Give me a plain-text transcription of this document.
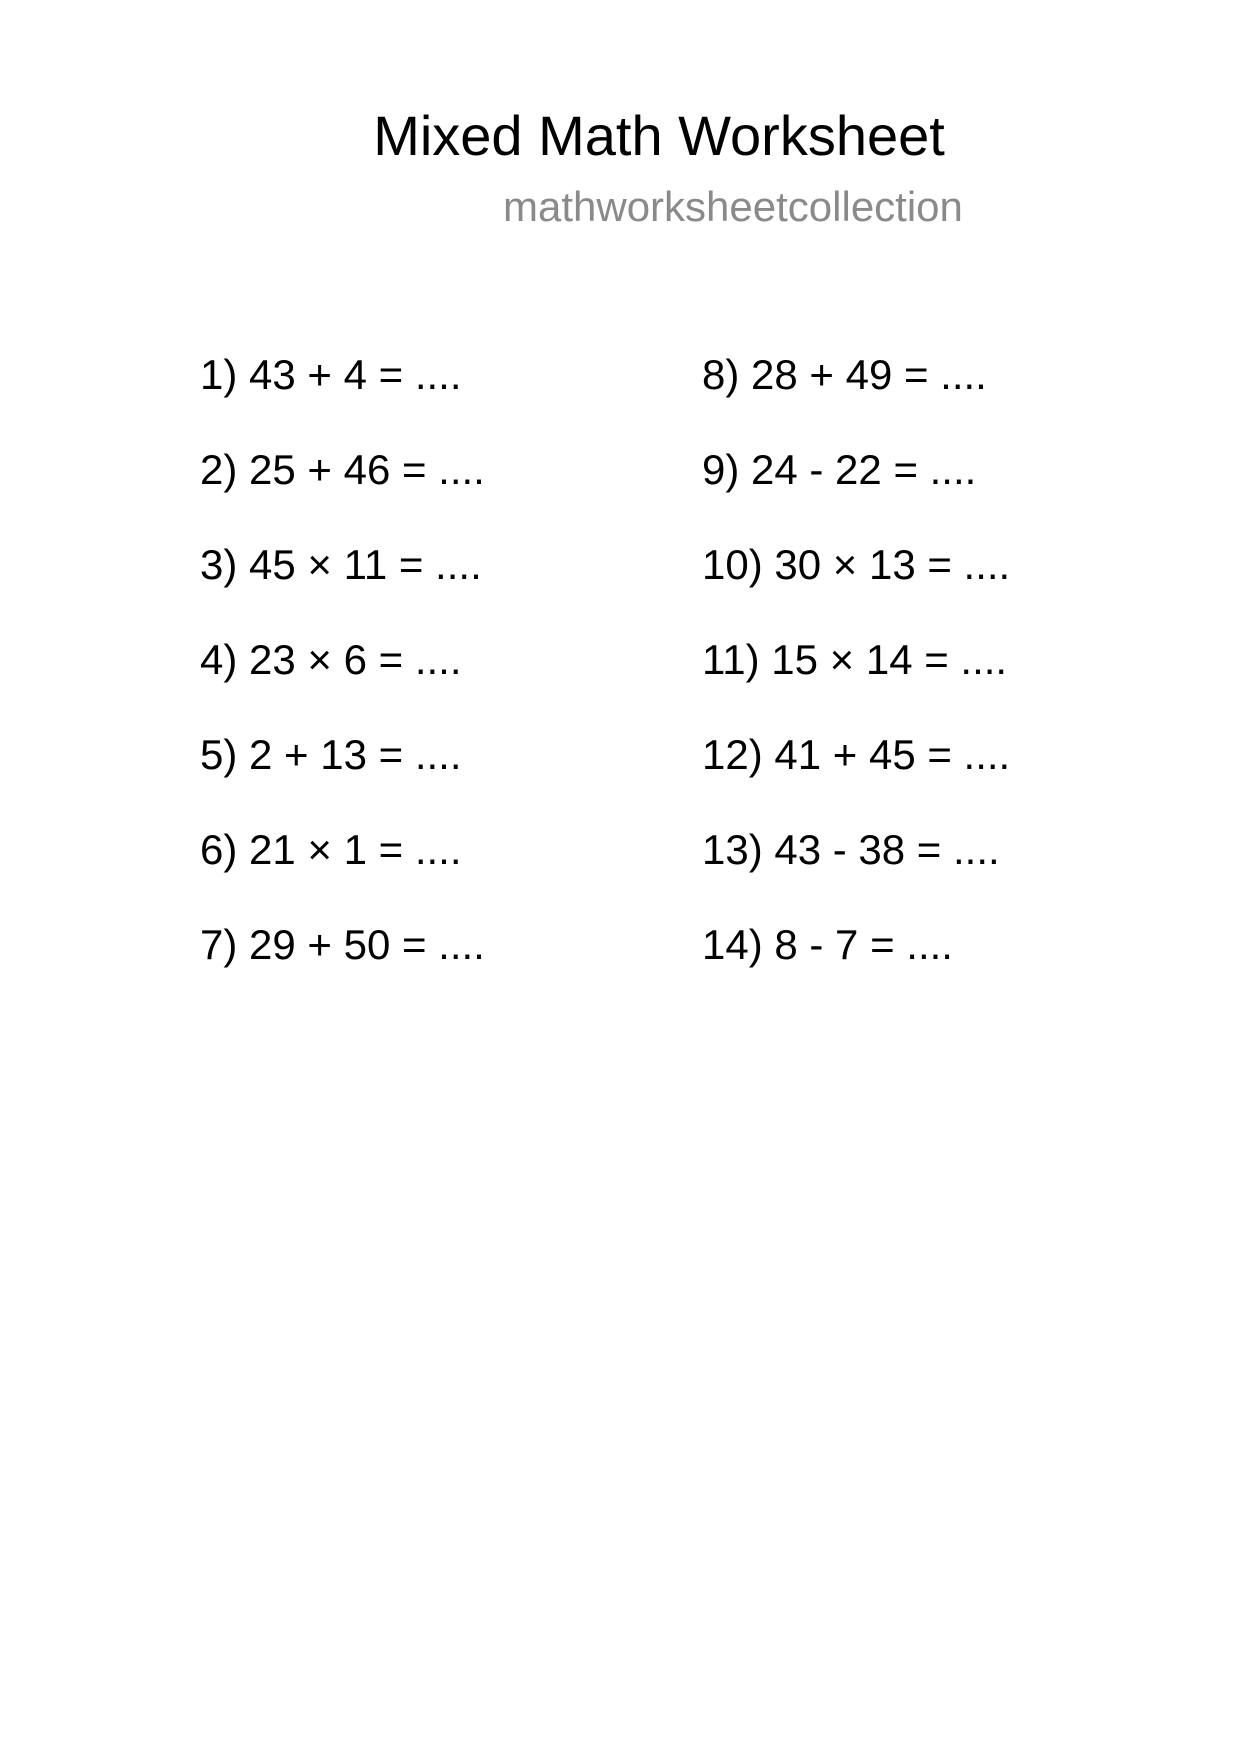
Mixed Math Worksheet
mathworksheetcollection
1) 43 + 4 = ....
2) 25 + 46 = ....
3) 45 × 11 = ....
4) 23 × 6 = ....
5) 2 + 13 = ....
6) 21 × 1 = ....
7) 29 + 50 = ....
8) 28 + 49 = ....
9) 24 - 22 = ....
10) 30 × 13 = ....
11) 15 × 14 = ....
12) 41 + 45 = ....
13) 43 - 38 = ....
14) 8 - 7 = ....
